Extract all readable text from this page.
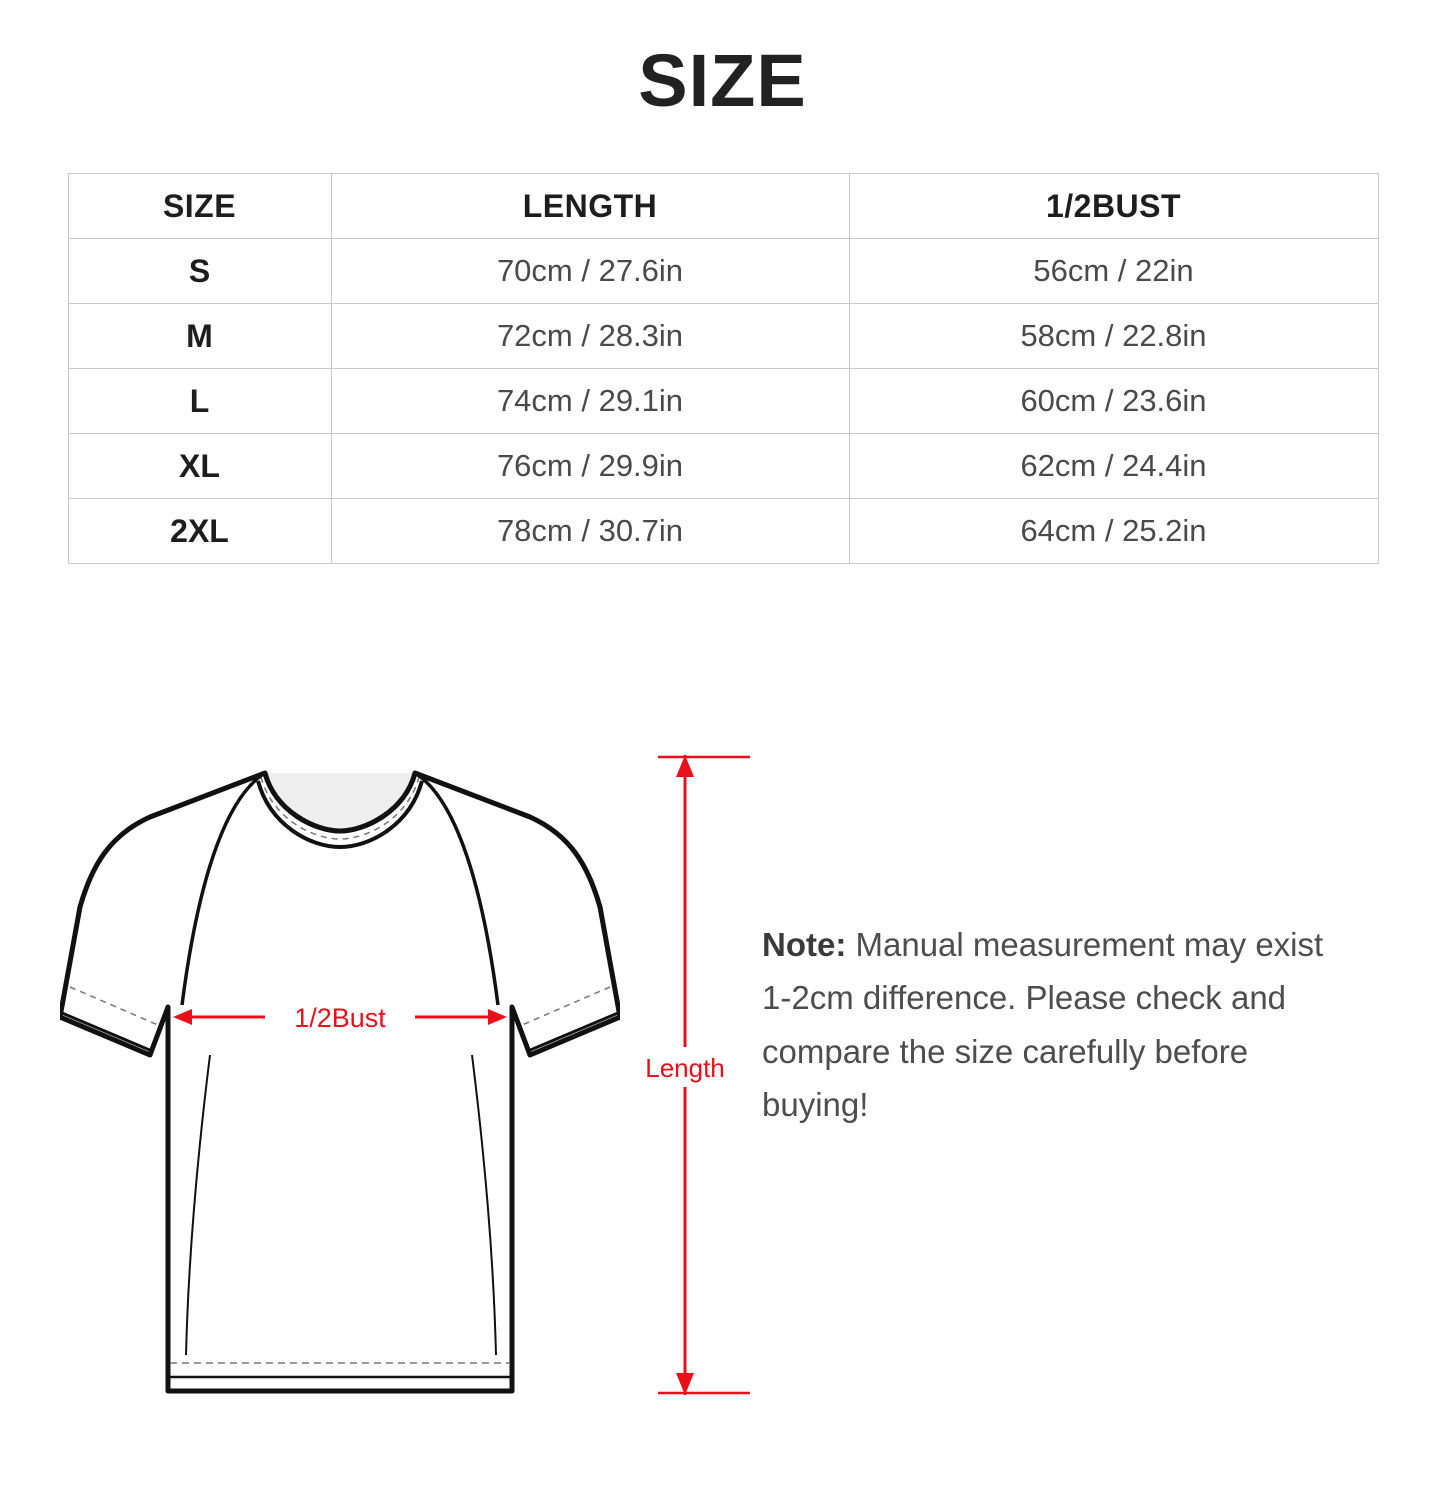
SIZE
SIZE	LENGTH	1/2BUST
S	70cm / 27.6in	56cm / 22in
M	72cm / 28.3in	58cm / 22.8in
L	74cm / 29.1in	60cm / 23.6in
XL	76cm / 29.9in	62cm / 24.4in
2XL	78cm / 30.7in	64cm / 25.2in
1/2Bust
Length
Note: Manual measurement may exist 1-2cm difference. Please check and compare the size carefully before buying!
